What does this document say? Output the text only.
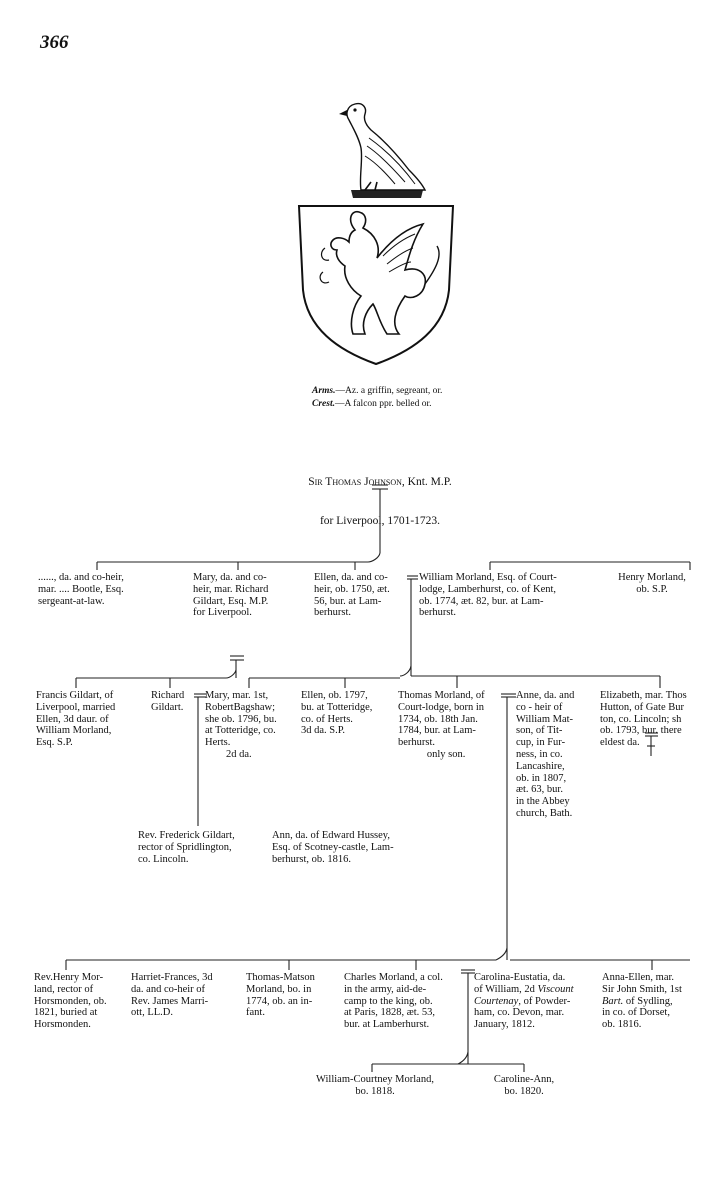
366
Arms.—Az. a griffin, segreant, or.
Crest.—A falcon ppr. belled or.

Sir Thomas Johnson, Knt. M.P.

for Liverpool, 1701-1723.

......, da. and co-heir,
mar. .... Bootle, Esq.
sergeant-at-law.
Mary, da. and co-
heir, mar. Richard
Gildart, Esq. M.P.
for Liverpool.
Ellen, da. and co-
heir, ob. 1750, æt.
56, bur. at Lam-
berhurst.
William Morland, Esq. of Court-
lodge, Lamberhurst, co. of Kent,
ob. 1774, æt. 82, bur. at Lam-
berhurst.
Henry Morland,
ob. S.P.
Francis Gildart, of
Liverpool, married
Ellen, 3d daur. of
William Morland,
Esq. S.P.
Richard
Gildart.
Mary, mar. 1st,
RobertBagshaw;
she ob. 1796, bu.
at Totteridge, co.
Herts.
2d da.
Ellen, ob. 1797,
bu. at Totteridge,
co. of Herts.
3d da. S.P.
Thomas Morland, of
Court-lodge, born in
1734, ob. 18th Jan.
1784, bur. at Lam-
berhurst.
only son.
Anne, da. and
co - heir of
William Mat-
son, of Tit-
cup, in Fur-
ness, in co.
Lancashire,
ob. in 1807,
æt. 63, bur.
in the Abbey
church, Bath.
Elizabeth, mar. Thos
Hutton, of Gate Bur
ton, co. Lincoln; sh
ob. 1793, bur. there
eldest da.
Rev. Frederick Gildart,
rector of Spridlington,
co. Lincoln.
Ann, da. of Edward Hussey,
Esq. of Scotney-castle, Lam-
berhurst, ob. 1816.
Rev.Henry Mor-
land, rector of
Horsmonden, ob.
1821, buried at
Horsmonden.
Harriet-Frances, 3d
da. and co-heir of
Rev. James Marri-
ott, LL.D.
Thomas-Matson
Morland, bo. in
1774, ob. an in-
fant.
Charles Morland, a col.
in the army, aid-de-
camp to the king, ob.
at Paris, 1828, æt. 53,
bur. at Lamberhurst.
Carolina-Eustatia, da.
of William, 2d Viscount
Courtenay, of Powder-
ham, co. Devon, mar.
January, 1812.
Anna-Ellen, mar.
Sir John Smith, 1st
Bart. of Sydling,
in co. of Dorset,
ob. 1816.
William-Courtney Morland,
bo. 1818.
Caroline-Ann,
bo. 1820.
